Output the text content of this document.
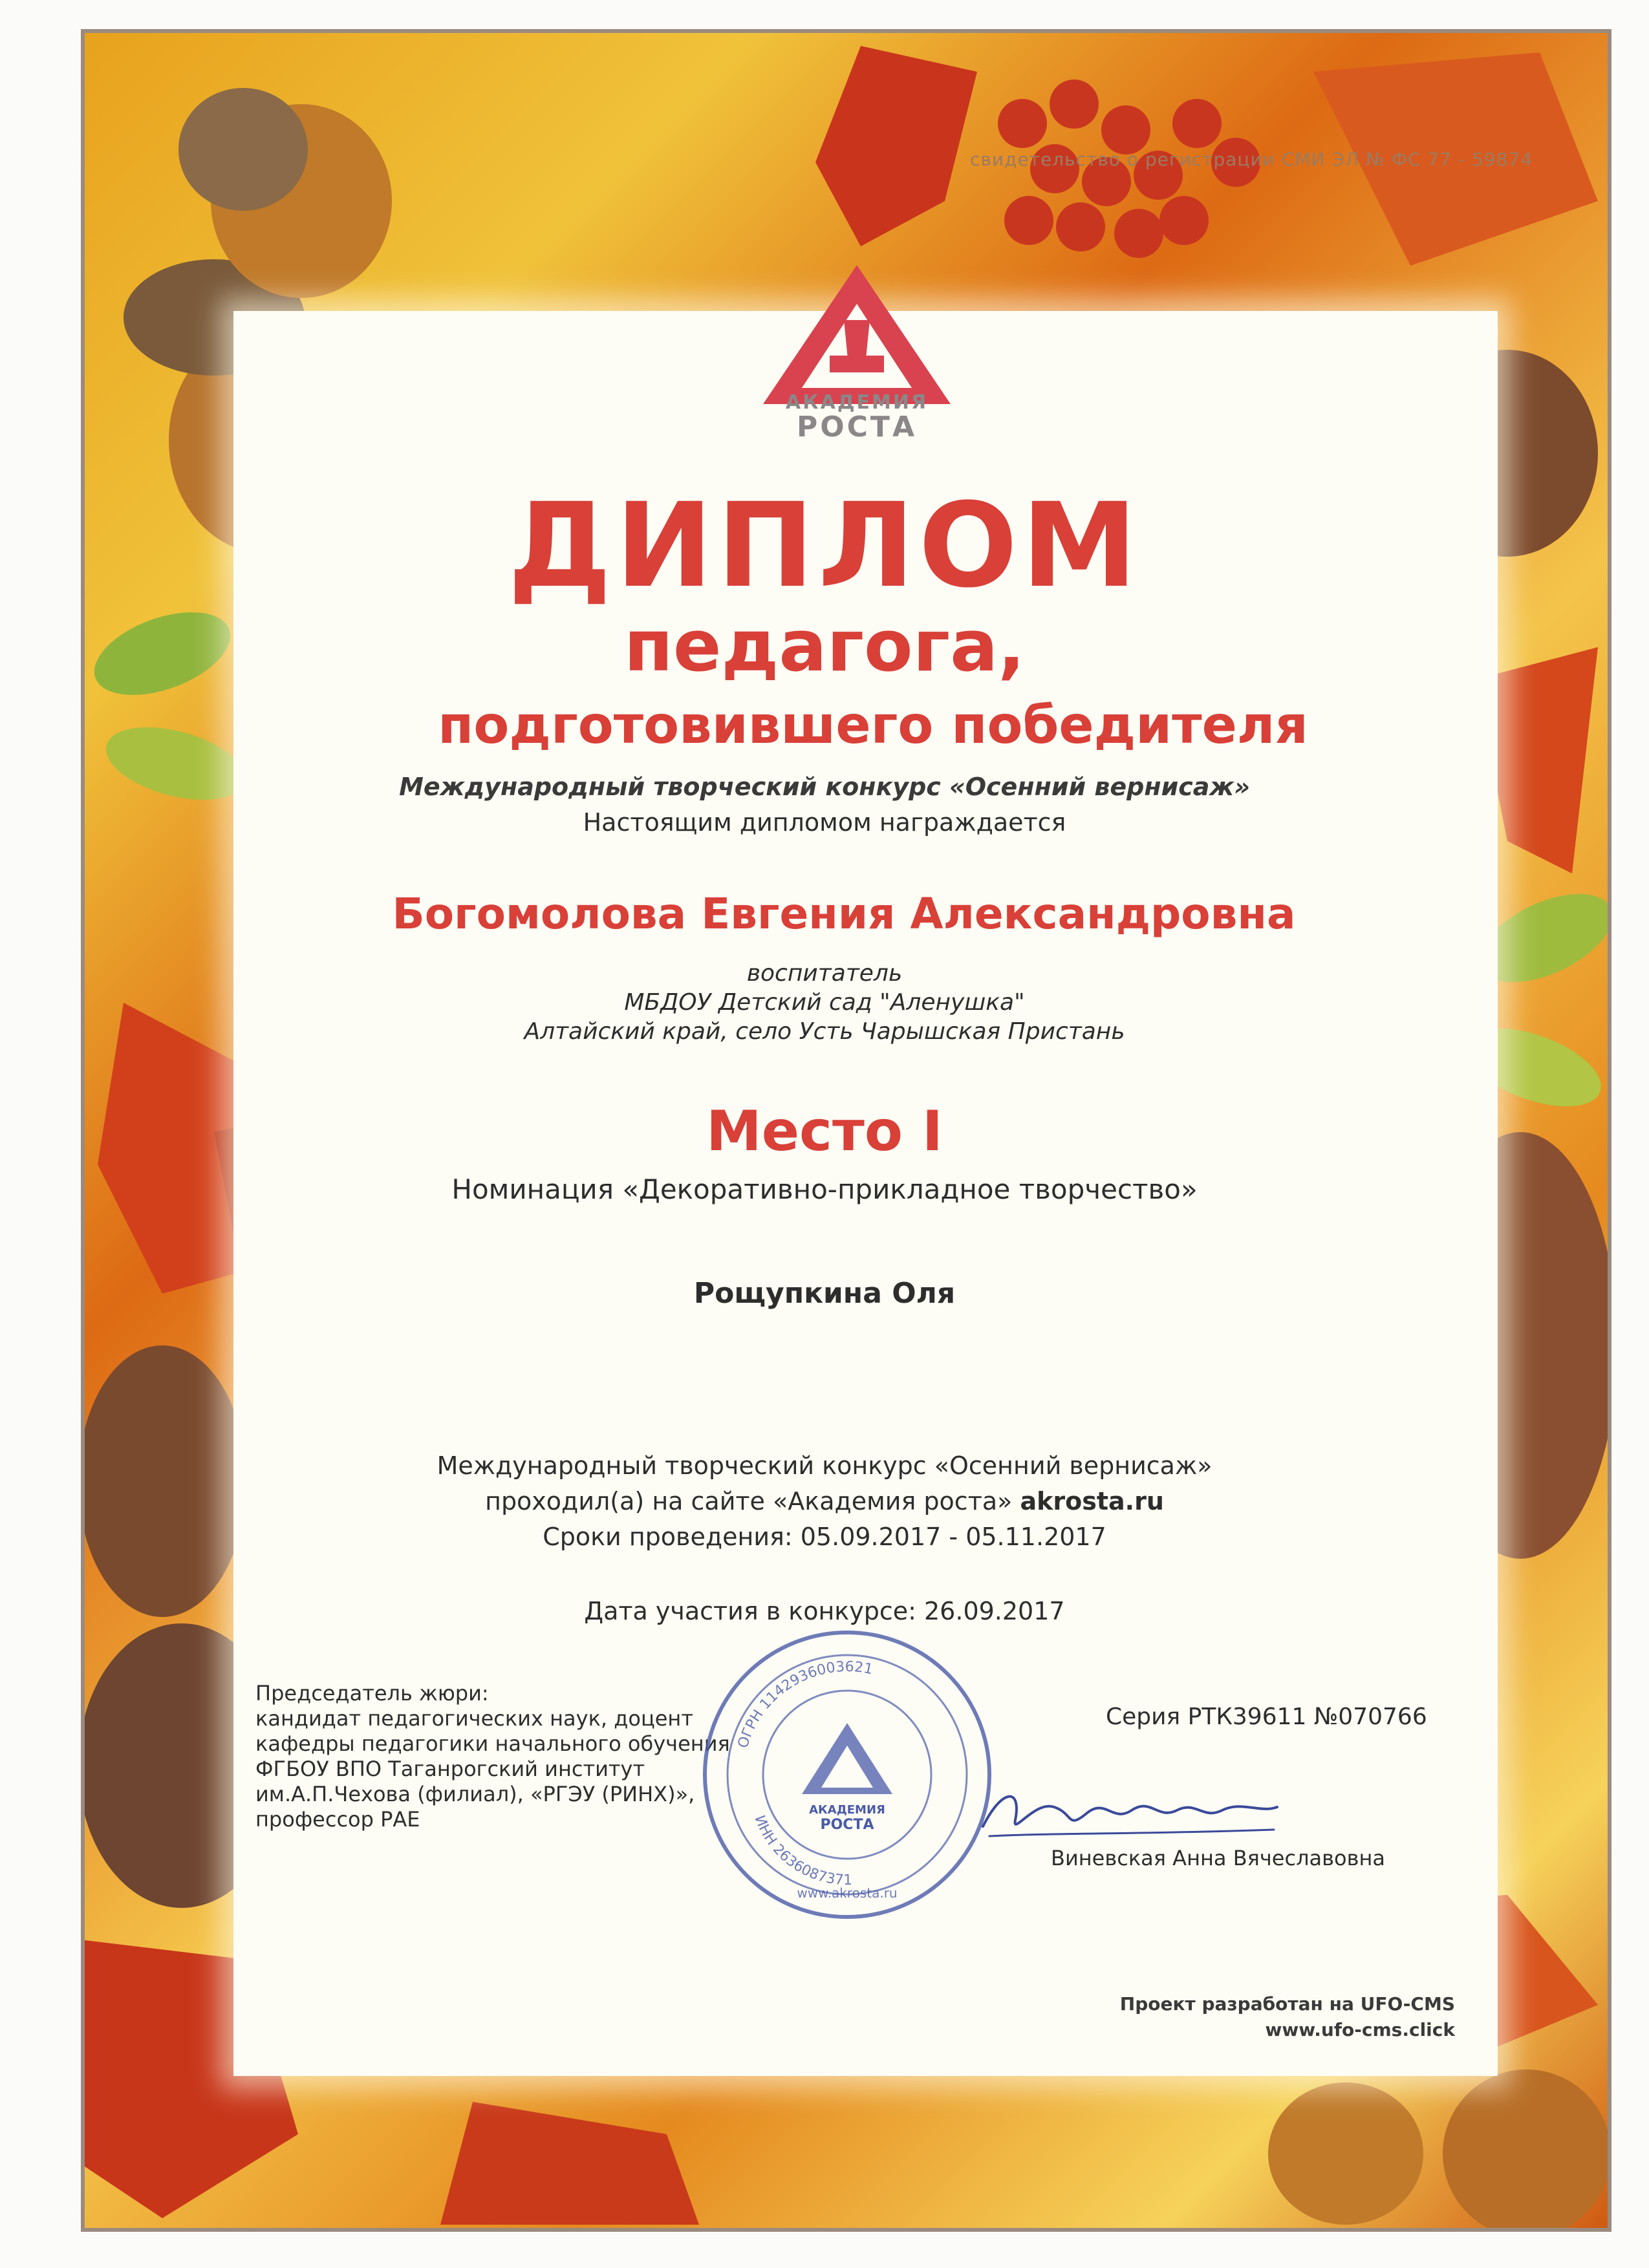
свидетельство о регистрации СМИ ЭЛ № ФС 77 - 59874
АКАДЕМИЯ
РОСТА
ДИПЛОМ
педагога,
подготовившего победителя
Международный творческий конкурс «Осенний вернисаж»
Настоящим дипломом награждается
Богомолова Евгения Александровна
воспитатель
МБДОУ Детский сад "Аленушка"
Алтайский край, село Усть Чарышская Пристань
Место I
Номинация «Декоративно-прикладное творчество»
Рощупкина Оля
Международный творческий конкурс «Осенний вернисаж»
проходил(а) на сайте «Академия роста» akrosta.ru
Сроки проведения: 05.09.2017 - 05.11.2017
Дата участия в конкурсе: 26.09.2017
Председатель жюри:
кандидат педагогических наук, доцент кафедры педагогики начального обучения ФГБОУ ВПО Таганрогский институт им.А.П.Чехова (филиал), «РГЭУ (РИНХ)», профессор РАЕ
ОГРН 1142936003621
ИНН 2636087371
АКАДЕМИЯ
РОСТА
www.akrosta.ru
Серия РТК39611 №070766
Виневская Анна Вячеславовна
Проект разработан на UFO-CMS
www.ufo-cms.click
